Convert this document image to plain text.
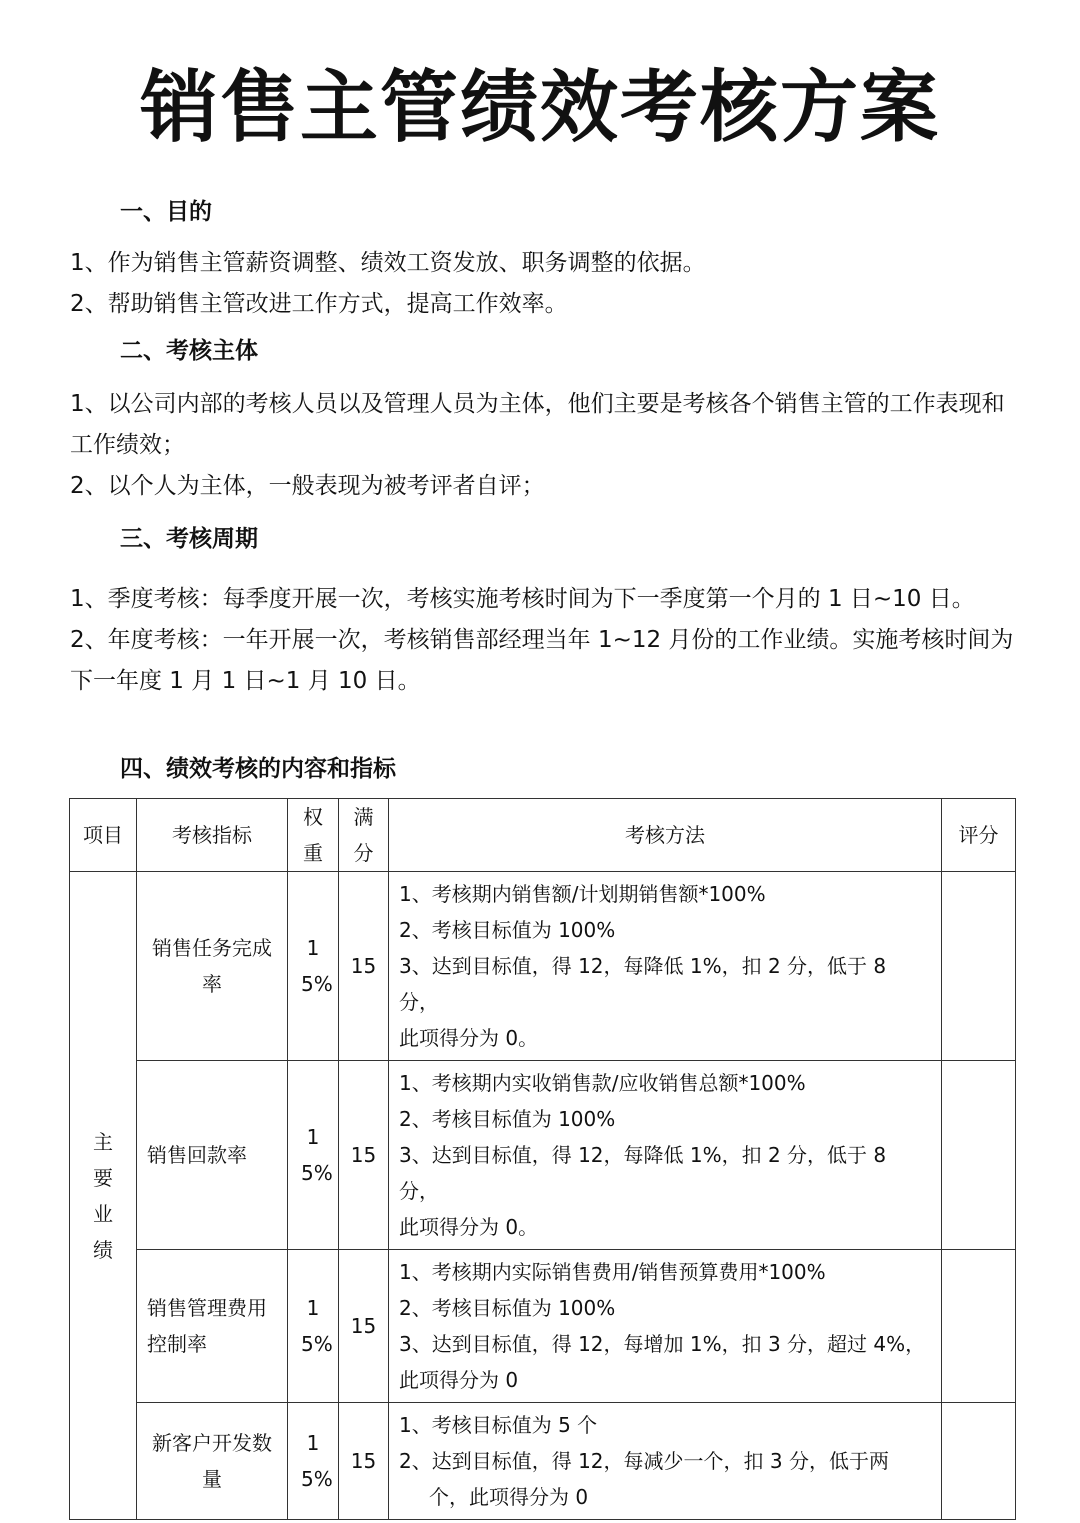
销售主管绩效考核方案
一、目的

1、作为销售主管薪资调整、绩效工资发放、职务调整的依据。

2、帮助销售主管改进工作方式，提高工作效率。

二、考核主体

1、以公司内部的考核人员以及管理人员为主体，他们主要是考核各个销售主管的工作表现和工作绩效；

2、以个人为主体，一般表现为被考评者自评；

三、考核周期

1、季度考核：每季度开展一次，考核实施考核时间为下一季度第一个月的 1 日~10 日。

2、年度考核：一年开展一次，考核销售部经理当年 1~12 月份的工作业绩。实施考核时间为下一年度 1 月 1 日~1 月 10 日。

四、绩效考核的内容和指标
项目	考核指标	权重	满分	考核方法	评分
主要业绩	销售任务完成率	15%	15	1、考核期内销售额/计划期销售额*100%
2、考核目标值为 100%
3、达到目标值，得 12，每降低 1%，扣 2 分，低于 8 分，
此项得分为 0。	

	销售回款率	15%	15	1、考核期内实收销售款/应收销售总额*100%
2、考核目标值为 100%
3、达到目标值，得 12，每降低 1%，扣 2 分，低于 8 分，
此项得分为 0。	

	销售管理费用控制率	15%	15	1、考核期内实际销售费用/销售预算费用*100%
2、考核目标值为 100%
3、达到目标值，得 12，每增加 1%，扣 3 分，超过 4%，
此项得分为 0	

	新客户开发数量	15%	15	1、考核目标值为 5 个
2、达到目标值，得 12，每减少一个，扣 3 分，低于两
个，此项得分为 0	
